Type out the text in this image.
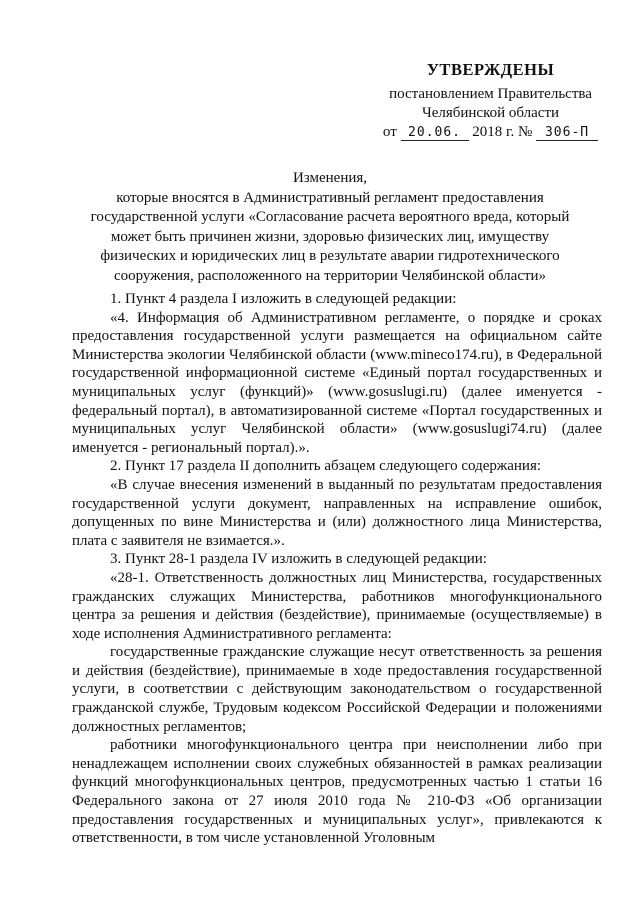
УТВЕРЖДЕНЫ
постановлением Правительства
Челябинской области
от 20.06. 2018 г. № 306-П
Изменения,
которые вносятся в Административный регламент предоставления
государственной услуги «Согласование расчета вероятного вреда, который
может быть причинен жизни, здоровью физических лиц, имуществу
физических и юридических лиц в результате аварии гидротехнического
сооружения, расположенного на территории Челябинской области»

1. Пункт 4 раздела I изложить в следующей редакции:

«4. Информация об Административном регламенте, о порядке и сроках предоставления государственной услуги размещается на официальном сайте Министерства экологии Челябинской области (www.mineco174.ru), в Федеральной государственной информационной системе «Единый портал государственных и муниципальных услуг (функций)» (www.gosuslugi.ru) (далее именуется - федеральный портал), в автоматизированной системе «Портал государственных и муниципальных услуг Челябинской области» (www.gosuslugi74.ru) (далее именуется - региональный портал).».

2. Пункт 17 раздела II дополнить абзацем следующего содержания:

«В случае внесения изменений в выданный по результатам предоставления государственной услуги документ, направленных на исправление ошибок, допущенных по вине Министерства и (или) должностного лица Министерства, плата с заявителя не взимается.».

3. Пункт 28-1 раздела IV изложить в следующей редакции:

«28-1. Ответственность должностных лиц Министерства, государственных гражданских служащих Министерства, работников многофункционального центра за решения и действия (бездействие), принимаемые (осуществляемые) в ходе исполнения Административного регламента:

государственные гражданские служащие несут ответственность за решения и действия (бездействие), принимаемые в ходе предоставления государственной услуги, в соответствии с действующим законодательством о государственной гражданской службе, Трудовым кодексом Российской Федерации и положениями должностных регламентов;

работники многофункционального центра при неисполнении либо при ненадлежащем исполнении своих служебных обязанностей в рамках реализации функций многофункциональных центров, предусмотренных частью 1 статьи 16 Федерального закона от 27 июля 2010 года № 210-ФЗ «Об организации предоставления государственных и муниципальных услуг», привлекаются к ответственности, в том числе установленной Уголовным
